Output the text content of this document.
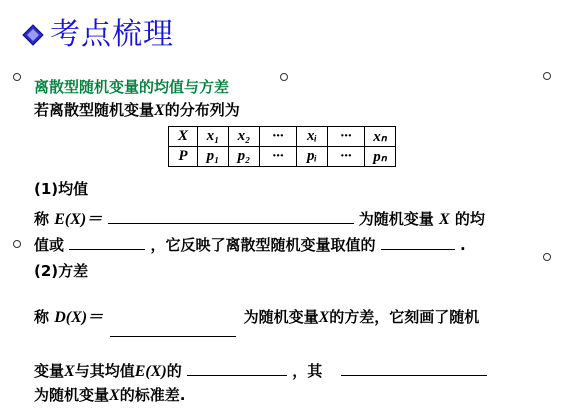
考点梳理
离散型随机变量的均值与方差
若离散型随机变量X的分布列为
X	x₁	x₂	···	xᵢ	···	xₙ
P	p₁	p₂	···	pᵢ	···	pₙ
(1)均值
称 E(X)＝	为随机变量 X 的均
值或	，它反映了离散型随机变量取值的	.
(2)方差
称 D(X)＝	为随机变量X的方差，它刻画了随机
变量X与其均值E(X)的	，其
为随机变量X的标准差.
